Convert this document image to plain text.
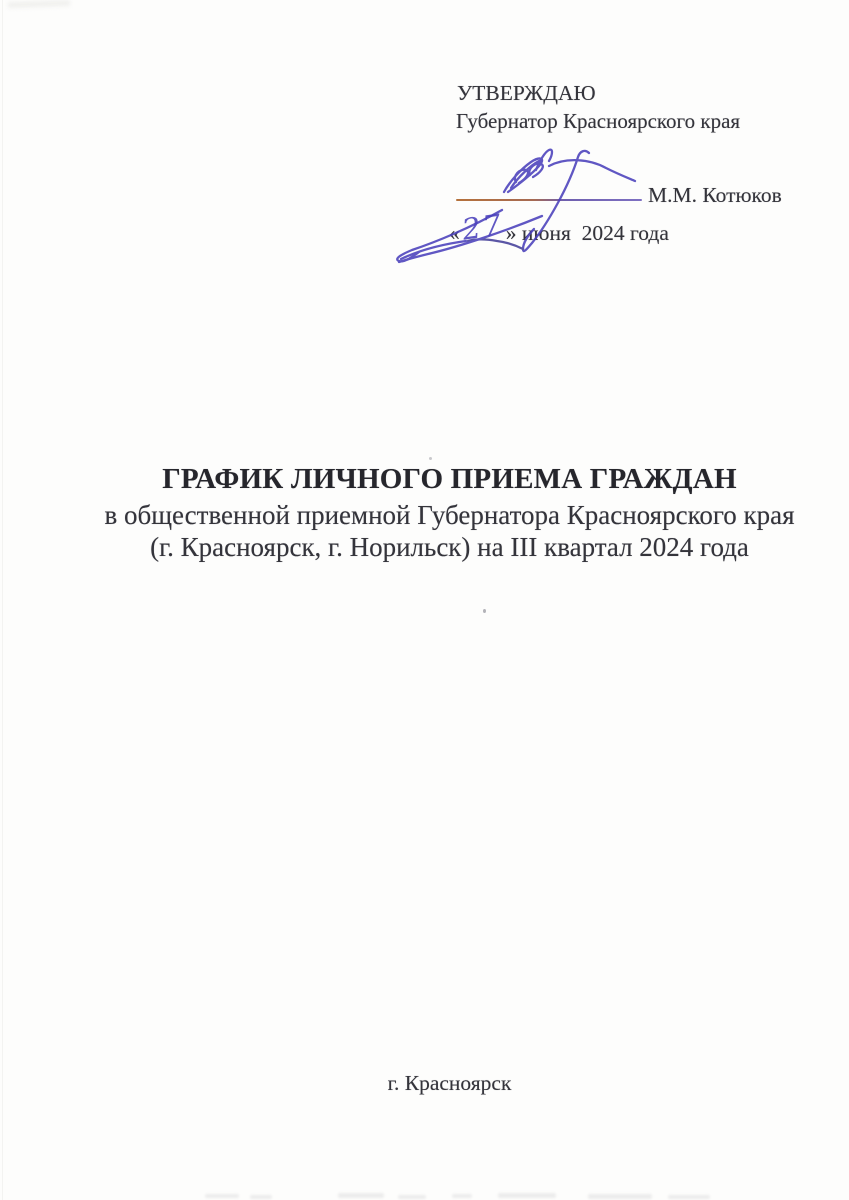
УТВЕРЖДАЮ
Губернатор Красноярского края
М.М. Котюков
« 27 » июня  2024 года
ГРАФИК ЛИЧНОГО ПРИЕМА ГРАЖДАН
в общественной приемной Губернатора Красноярского края
(г. Красноярск, г. Норильск) на III квартал 2024 года
г. Красноярск
